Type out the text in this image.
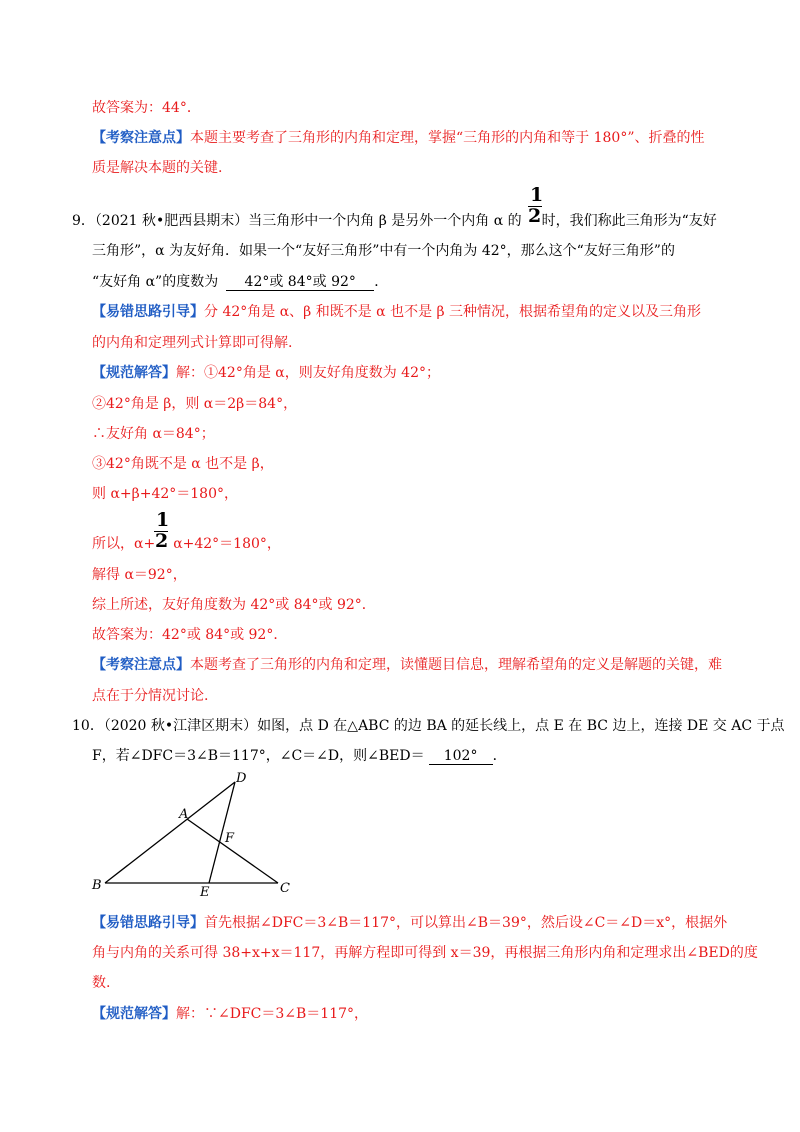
故答案为：44°．
【考察注意点】本题主要考查了三角形的内角和定理，掌握“三角形的内角和等于 180°”、折叠的性
质是解决本题的关键.
1
2
9．（2021 秋•肥西县期末）当三角形中一个内角 β 是另外一个内角 α 的 时，我们称此三角形为“友好
三角形”，α 为友好角．如果一个“友好三角形”中有一个内角为 42°，那么这个“友好三角形”的
“友好角 α”的度数为 42°或 84°或 92° ．
【易错思路引导】分 42°角是 α、β 和既不是 α 也不是 β 三种情况，根据希望角的定义以及三角形
的内角和定理列式计算即可得解.
【规范解答】解：①42°角是 α，则友好角度数为 42°；
②42°角是 β，则 α＝2β＝84°，
∴友好角 α＝84°；
③42°角既不是 α 也不是 β，
则 α+β+42°＝180°，
1
2
所以，α+ α+42°＝180°，
解得 α＝92°，
综上所述，友好角度数为 42°或 84°或 92°．
故答案为：42°或 84°或 92°．
【考察注意点】本题考查了三角形的内角和定理，读懂题目信息，理解希望角的定义是解题的关键，难
点在于分情况讨论.
10．（2020 秋•江津区期末）如图，点 D 在△ABC 的边 BA 的延长线上，点 E 在 BC 边上，连接 DE 交 AC 于点
F，若∠DFC＝3∠B＝117°，∠C＝∠D，则∠BED＝ 102° ．
D
A
F
B	E	C
【易错思路引导】首先根据∠DFC＝3∠B＝117°，可以算出∠B＝39°，然后设∠C＝∠D＝x°，根据外
角与内角的关系可得 38+x+x＝117，再解方程即可得到 x＝39，再根据三角形内角和定理求出∠BED的度
数.
【规范解答】解：∵∠DFC＝3∠B＝117°，
